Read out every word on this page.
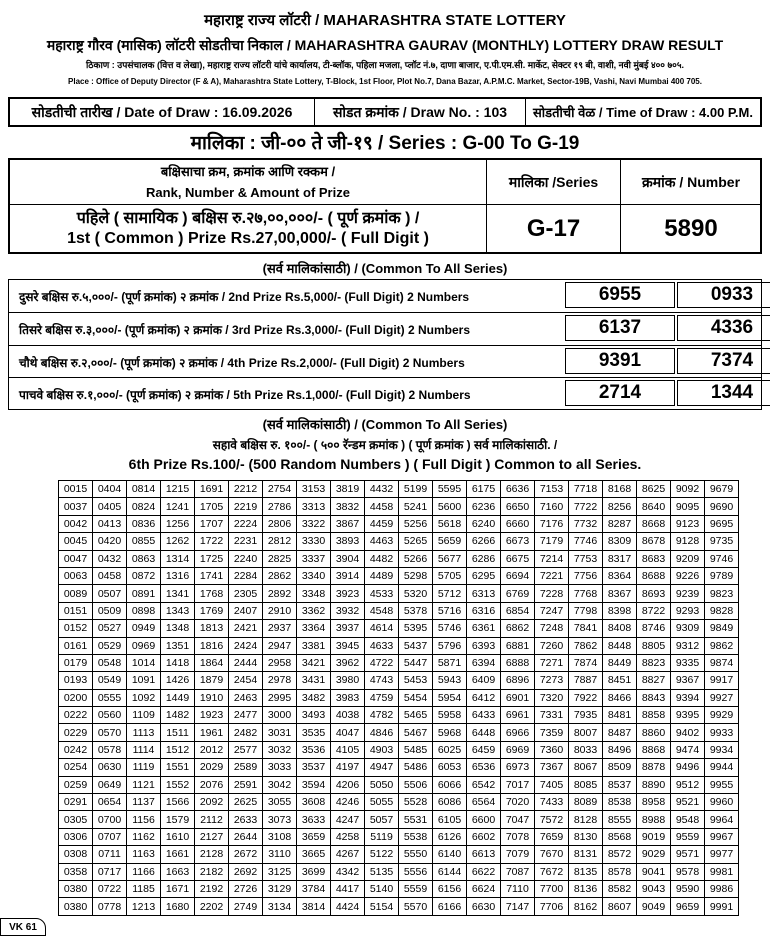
महाराष्ट्र राज्य लॉटरी / MAHARASHTRA STATE LOTTERY
महाराष्ट्र गौरव (मासिक) लॉटरी सोडतीचा निकाल / MAHARASHTRA GAURAV (MONTHLY) LOTTERY DRAW RESULT
ठिकाण : उपसंचालक (वित्त व लेखा), महाराष्ट्र राज्य लॉटरी यांचे कार्यालय, टी-ब्लॉक, पहिला मजला, प्लॉट नं.७, दाणा बाजार, ए.पी.एम.सी. मार्केट, सेक्टर १९ बी, वाशी, नवी मुंबई ४०० ७०५.
Place : Office of Deputy Director (F & A), Maharashtra State Lottery, T-Block, 1st Floor, Plot No.7, Dana Bazar, A.P.M.C. Market, Sector-19B, Vashi, Navi Mumbai 400 705.
सोडतीची तारीख / Date of Draw : 16.09.2026	सोडत क्रमांक / Draw No. : 103	सोडतीची वेळ / Time of Draw : 4.00 P.M.
मालिका : जी-०० ते जी-१९ / Series : G-00 To G-19
बक्षिसाचा क्रम, क्रमांक आणि रक्कम /
Rank, Number & Amount of Prize
मालिका /Series	क्रमांक / Number
पहिले ( सामायिक ) बक्षिस रु.२७,००,०००/- ( पूर्ण क्रमांक ) /
1st ( Common ) Prize Rs.27,00,000/- ( Full Digit )	G-17	5890
(सर्व मालिकांसाठी) / (Common To All Series)
दुसरे बक्षिस रु.५,०००/- (पूर्ण क्रमांक) २ क्रमांक / 2nd Prize Rs.5,000/- (Full Digit) 2 Numbers	6955	0933
तिसरे बक्षिस रु.३,०००/- (पूर्ण क्रमांक) २ क्रमांक / 3rd Prize Rs.3,000/- (Full Digit) 2 Numbers	6137	4336
चौथे बक्षिस रु.२,०००/- (पूर्ण क्रमांक) २ क्रमांक / 4th Prize Rs.2,000/- (Full Digit) 2 Numbers	9391	7374
पाचवे बक्षिस रु.१,०००/- (पूर्ण क्रमांक) २ क्रमांक / 5th Prize Rs.1,000/- (Full Digit) 2 Numbers	2714	1344
(सर्व मालिकांसाठी) / (Common To All Series)
सहावे बक्षिस रु. १००/- ( ५०० रॅन्डम क्रमांक ) ( पूर्ण क्रमांक ) सर्व मालिकांसाठी. /
6th Prize Rs.100/- (500 Random Numbers ) ( Full Digit ) Common to all Series.
0015	0404	0814	1215	1691	2212	2754	3153	3819	4432	5199	5595	6175	6636	7153	7718	8168	8625	9092	9679
0037	0405	0824	1241	1705	2219	2786	3313	3832	4458	5241	5600	6236	6650	7160	7722	8256	8640	9095	9690
0042	0413	0836	1256	1707	2224	2806	3322	3867	4459	5256	5618	6240	6660	7176	7732	8287	8668	9123	9695
0045	0420	0855	1262	1722	2231	2812	3330	3893	4463	5265	5659	6266	6673	7179	7746	8309	8678	9128	9735
0047	0432	0863	1314	1725	2240	2825	3337	3904	4482	5266	5677	6286	6675	7214	7753	8317	8683	9209	9746
0063	0458	0872	1316	1741	2284	2862	3340	3914	4489	5298	5705	6295	6694	7221	7756	8364	8688	9226	9789
0089	0507	0891	1341	1768	2305	2892	3348	3923	4533	5320	5712	6313	6769	7228	7768	8367	8693	9239	9823
0151	0509	0898	1343	1769	2407	2910	3362	3932	4548	5378	5716	6316	6854	7247	7798	8398	8722	9293	9828
0152	0527	0949	1348	1813	2421	2937	3364	3937	4614	5395	5746	6361	6862	7248	7841	8408	8746	9309	9849
0161	0529	0969	1351	1816	2424	2947	3381	3945	4633	5437	5796	6393	6881	7260	7862	8448	8805	9312	9862
0179	0548	1014	1418	1864	2444	2958	3421	3962	4722	5447	5871	6394	6888	7271	7874	8449	8823	9335	9874
0193	0549	1091	1426	1879	2454	2978	3431	3980	4743	5453	5943	6409	6896	7273	7887	8451	8827	9367	9917
0200	0555	1092	1449	1910	2463	2995	3482	3983	4759	5454	5954	6412	6901	7320	7922	8466	8843	9394	9927
0222	0560	1109	1482	1923	2477	3000	3493	4038	4782	5465	5958	6433	6961	7331	7935	8481	8858	9395	9929
0229	0570	1113	1511	1961	2482	3031	3535	4047	4846	5467	5968	6448	6966	7359	8007	8487	8860	9402	9933
0242	0578	1114	1512	2012	2577	3032	3536	4105	4903	5485	6025	6459	6969	7360	8033	8496	8868	9474	9934
0254	0630	1119	1551	2029	2589	3033	3537	4197	4947	5486	6053	6536	6973	7367	8067	8509	8878	9496	9944
0259	0649	1121	1552	2076	2591	3042	3594	4206	5050	5506	6066	6542	7017	7405	8085	8537	8890	9512	9955
0291	0654	1137	1566	2092	2625	3055	3608	4246	5055	5528	6086	6564	7020	7433	8089	8538	8958	9521	9960
0305	0700	1156	1579	2112	2633	3073	3633	4247	5057	5531	6105	6600	7047	7572	8128	8555	8988	9548	9964
0306	0707	1162	1610	2127	2644	3108	3659	4258	5119	5538	6126	6602	7078	7659	8130	8568	9019	9559	9967
0308	0711	1163	1661	2128	2672	3110	3665	4267	5122	5550	6140	6613	7079	7670	8131	8572	9029	9571	9977
0358	0717	1166	1663	2182	2692	3125	3699	4342	5135	5556	6144	6622	7087	7672	8135	8578	9041	9578	9981
0380	0722	1185	1671	2192	2726	3129	3784	4417	5140	5559	6156	6624	7110	7700	8136	8582	9043	9590	9986
0380	0778	1213	1680	2202	2749	3134	3814	4424	5154	5570	6166	6630	7147	7706	8162	8607	9049	9659	9991
VK 61
